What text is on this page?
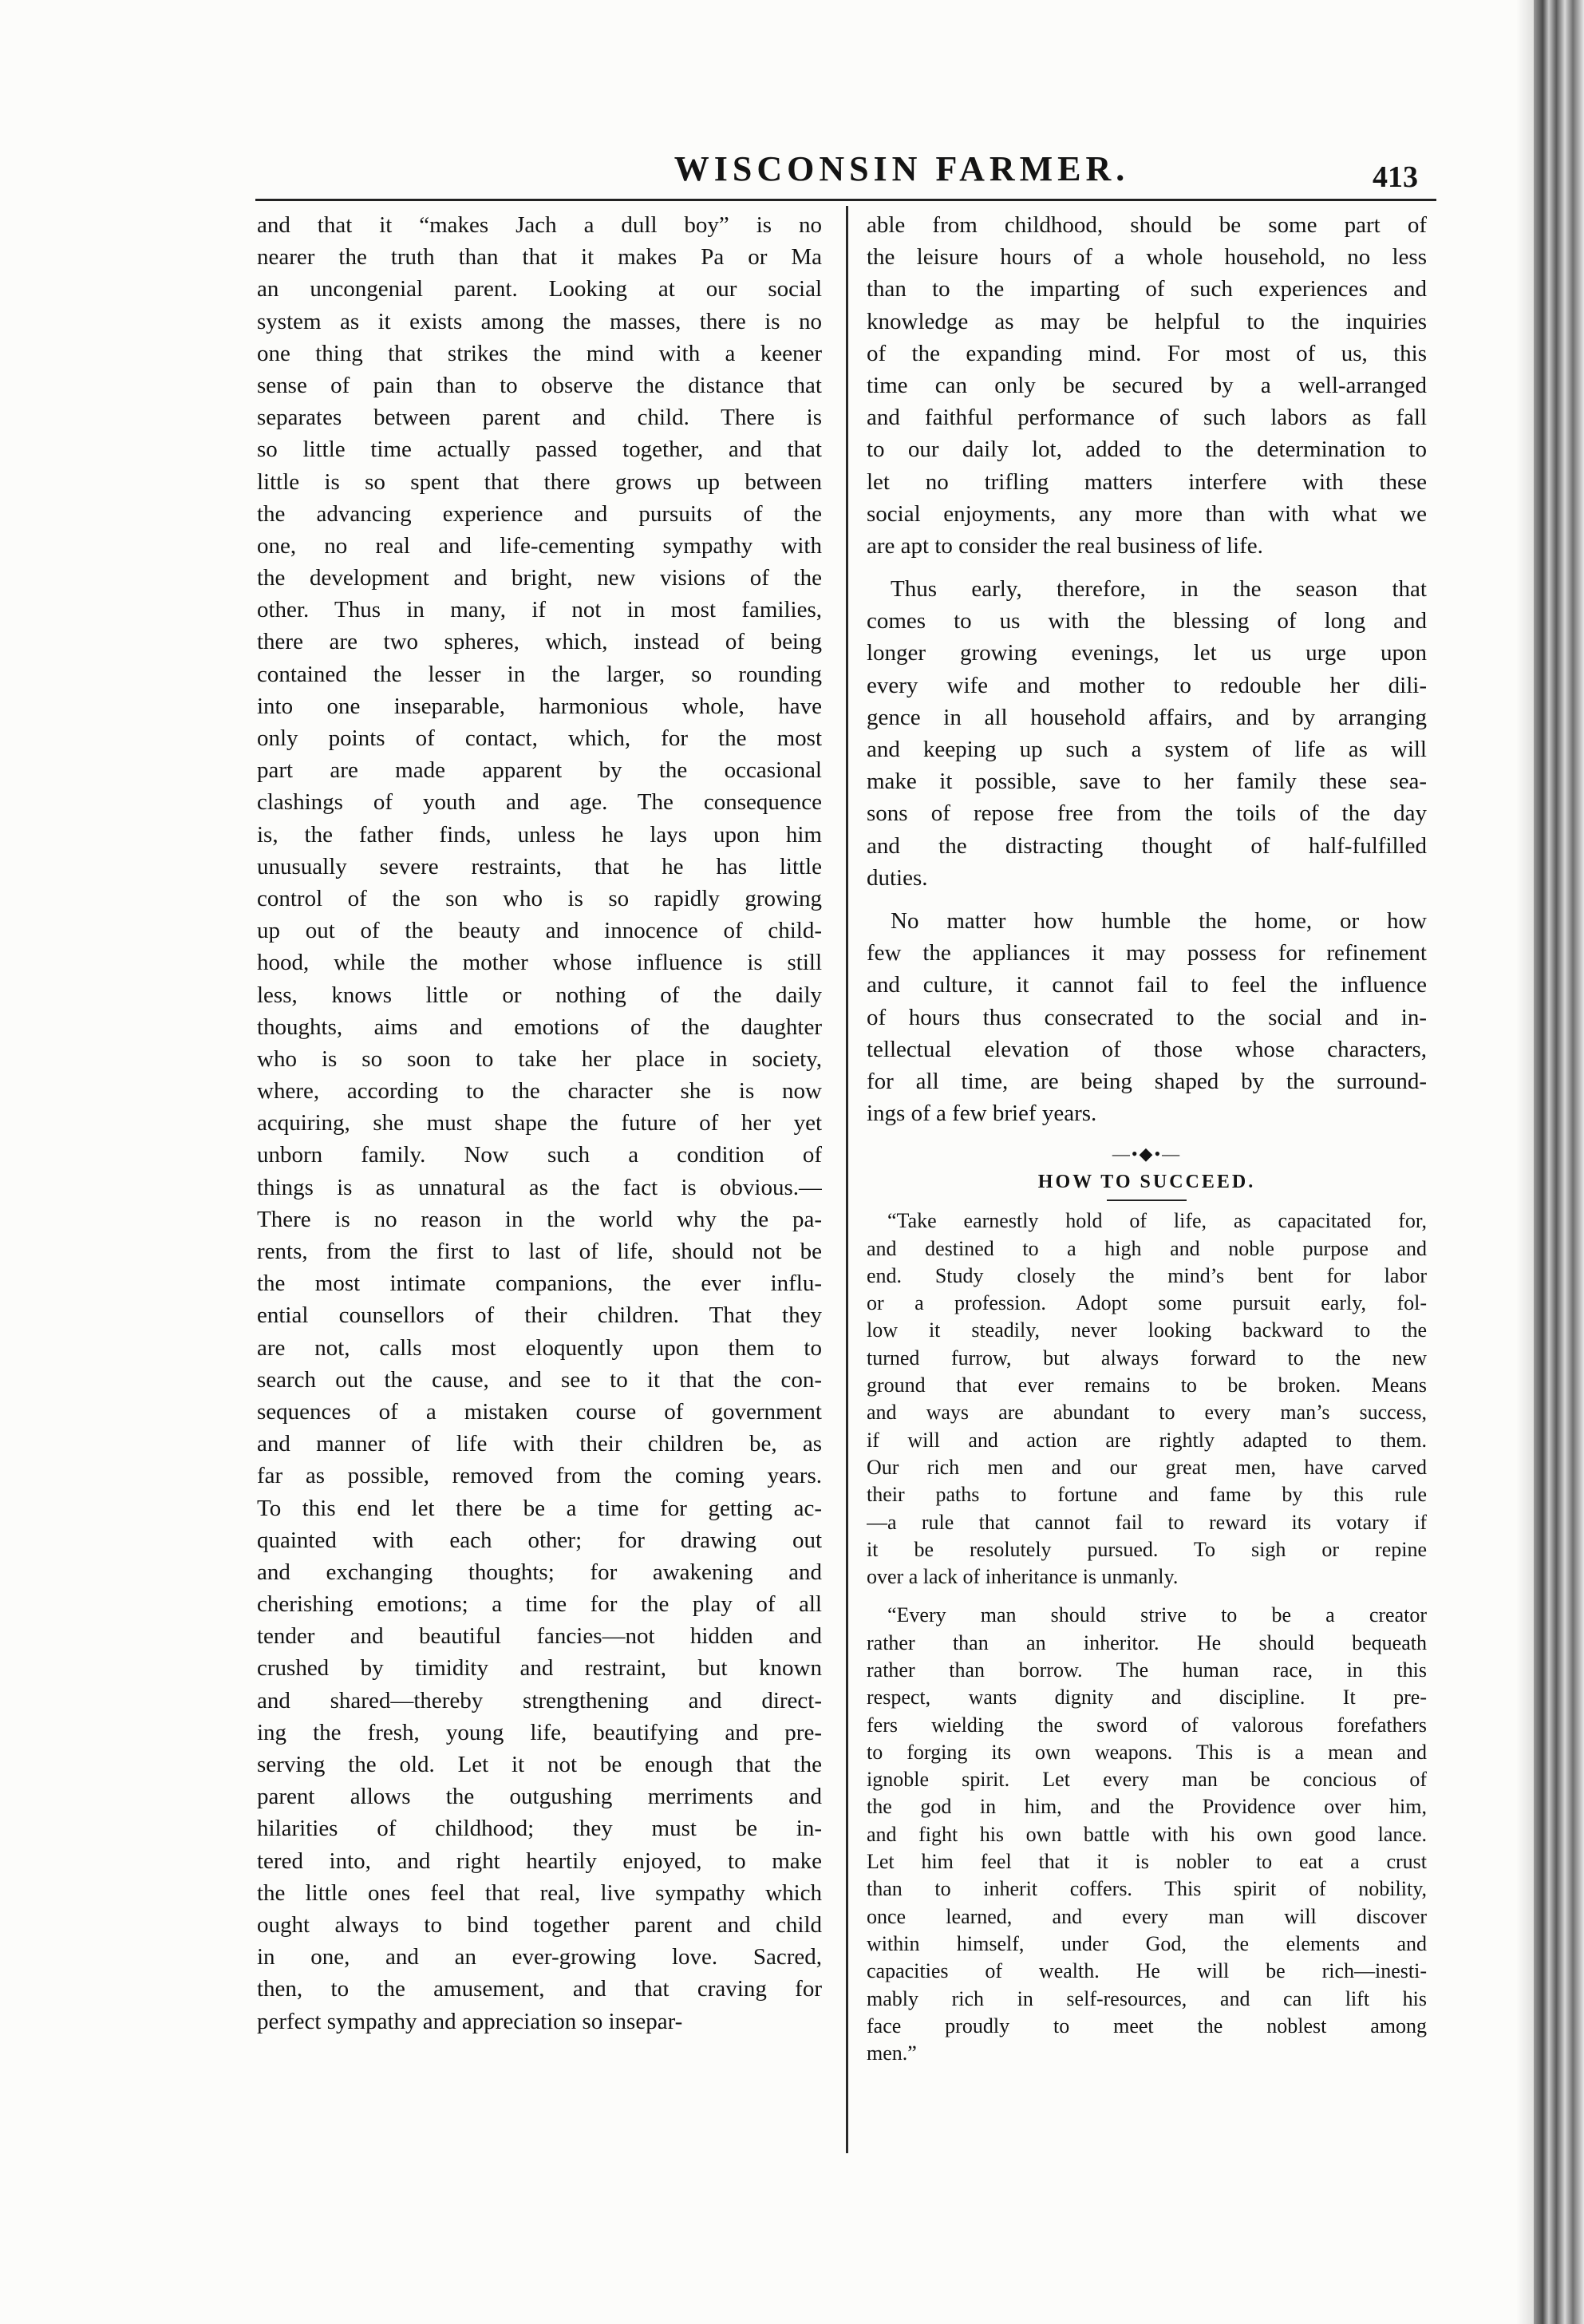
WISCONSIN FARMER.	413
and that it “makes Jach a dull boy” is no
nearer the truth than that it makes Pa or Ma
an uncongenial parent. Looking at our social
system as it exists among the masses, there is no
one thing that strikes the mind with a keener
sense of pain than to observe the distance that
separates between parent and child. There is
so little time actually passed together, and that
little is so spent that there grows up between
the advancing experience and pursuits of the
one, no real and life-cementing sympathy with
the development and bright, new visions of the
other. Thus in many, if not in most families,
there are two spheres, which, instead of being
contained the lesser in the larger, so rounding
into one inseparable, harmonious whole, have
only points of contact, which, for the most
part are made apparent by the occasional
clashings of youth and age. The consequence
is, the father finds, unless he lays upon him
unusually severe restraints, that he has little
control of the son who is so rapidly growing
up out of the beauty and innocence of child-
hood, while the mother whose influence is still
less, knows little or nothing of the daily
thoughts, aims and emotions of the daughter
who is so soon to take her place in society,
where, according to the character she is now
acquiring, she must shape the future of her yet
unborn family. Now such a condition of
things is as unnatural as the fact is obvious.—
There is no reason in the world why the pa-
rents, from the first to last of life, should not be
the most intimate companions, the ever influ-
ential counsellors of their children. That they
are not, calls most eloquently upon them to
search out the cause, and see to it that the con-
sequences of a mistaken course of government
and manner of life with their children be, as
far as possible, removed from the coming years.
To this end let there be a time for getting ac-
quainted with each other; for drawing out
and exchanging thoughts; for awakening and
cherishing emotions; a time for the play of all
tender and beautiful fancies—not hidden and
crushed by timidity and restraint, but known
and shared—thereby strengthening and direct-
ing the fresh, young life, beautifying and pre-
serving the old. Let it not be enough that the
parent allows the outgushing merriments and
hilarities of childhood; they must be in-
tered into, and right heartily enjoyed, to make
the little ones feel that real, live sympathy which
ought always to bind together parent and child
in one, and an ever-growing love. Sacred,
then, to the amusement, and that craving for
perfect sympathy and appreciation so insepar-
able from childhood, should be some part of
the leisure hours of a whole household, no less
than to the imparting of such experiences and
knowledge as may be helpful to the inquiries
of the expanding mind. For most of us, this
time can only be secured by a well-arranged
and faithful performance of such labors as fall
to our daily lot, added to the determination to
let no trifling matters interfere with these
social enjoyments, any more than with what we
are apt to consider the real business of life.
Thus early, therefore, in the season that
comes to us with the blessing of long and
longer growing evenings, let us urge upon
every wife and mother to redouble her dili-
gence in all household affairs, and by arranging
and keeping up such a system of life as will
make it possible, save to her family these sea-
sons of repose free from the toils of the day
and the distracting thought of half-fulfilled
duties.
No matter how humble the home, or how
few the appliances it may possess for refinement
and culture, it cannot fail to feel the influence
of hours thus consecrated to the social and in-
tellectual elevation of those whose characters,
for all time, are being shaped by the surround-
ings of a few brief years.
—•◆•—
HOW TO SUCCEED.
“Take earnestly hold of life, as capacitated for,
and destined to a high and noble purpose and
end. Study closely the mind’s bent for labor
or a profession. Adopt some pursuit early, fol-
low it steadily, never looking backward to the
turned furrow, but always forward to the new
ground that ever remains to be broken. Means
and ways are abundant to every man’s success,
if will and action are rightly adapted to them.
Our rich men and our great men, have carved
their paths to fortune and fame by this rule
—a rule that cannot fail to reward its votary if
it be resolutely pursued. To sigh or repine
over a lack of inheritance is unmanly.
“Every man should strive to be a creator
rather than an inheritor. He should bequeath
rather than borrow. The human race, in this
respect, wants dignity and discipline. It pre-
fers wielding the sword of valorous forefathers
to forging its own weapons. This is a mean and
ignoble spirit. Let every man be concious of
the god in him, and the Providence over him,
and fight his own battle with his own good lance.
Let him feel that it is nobler to eat a crust
than to inherit coffers. This spirit of nobility,
once learned, and every man will discover
within himself, under God, the elements and
capacities of wealth. He will be rich—inesti-
mably rich in self-resources, and can lift his
face proudly to meet the noblest among
men.”
